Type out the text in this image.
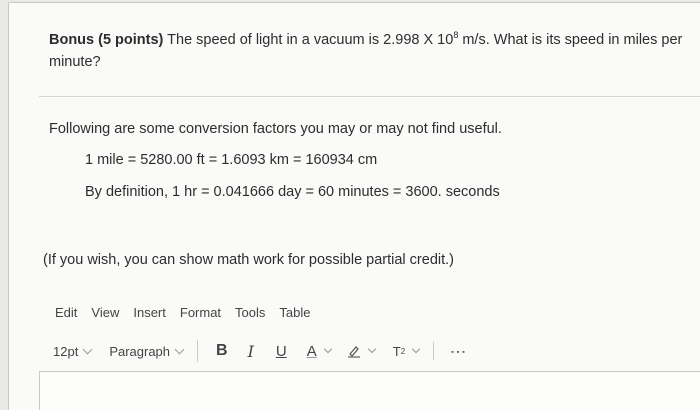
Bonus (5 points) The speed of light in a vacuum is 2.998 X $10^8$ m/s. What is its speed in miles per minute?
Following are some conversion factors you may or may not find useful.
1 mile = 5280.00 ft = 1.6093 km = 160934 cm
By definition, 1 hr = 0.041666 day = 60 minutes = 3600. seconds
(If you wish, you can show math work for possible partial credit.)
Edit View Insert Format Tools Table
12pt Paragraph	B I U A	T 2	⋮
